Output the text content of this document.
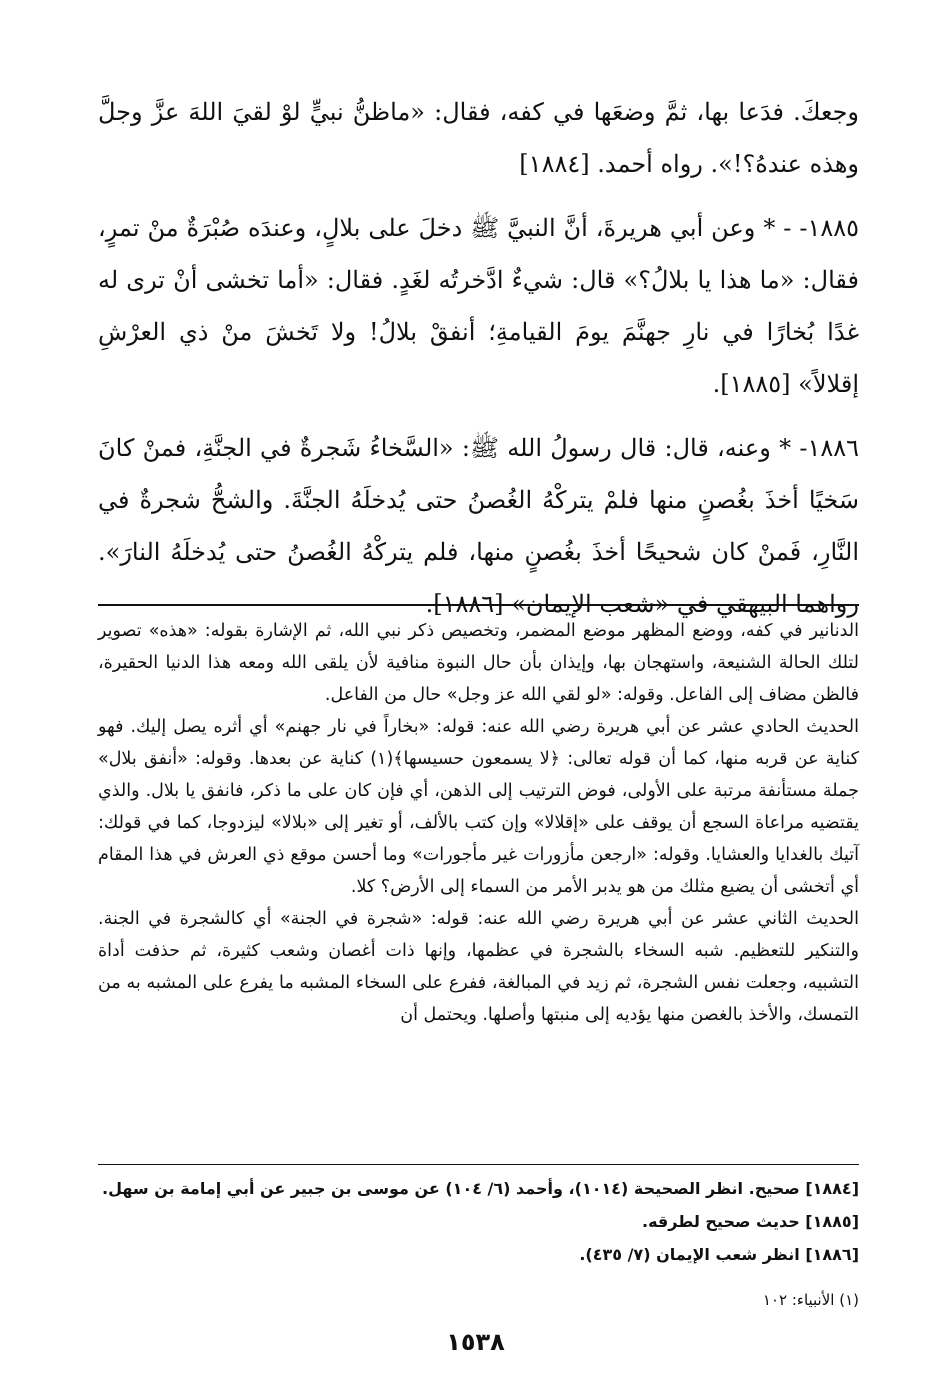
وجعكَ. فدَعا بها، ثمَّ وضعَها في كفه، فقال: «ماظنُّ نبيٍّ لوْ لقيَ اللهَ عزَّ وجلَّ وهذه عندهُ؟!». رواه أحمد. [١٨٨٤]

١٨٨٥- - * وعن أبي هريرةَ، أنَّ النبيَّ ﷺ دخلَ على بلالٍ، وعندَه صُبْرَةٌ منْ تمرٍ، فقال: «ما هذا يا بلالُ؟» قال: شيءٌ ادَّخرتُه لغَدٍ. فقال: «أما تخشى أنْ ترى له غدًا بُخارًا في نارِ جهنَّمَ يومَ القيامةِ؛ أنفقْ بلالُ! ولا تَخشَ منْ ذي العرْشِ إقلالاً» [١٨٨٥].

١٨٨٦- * وعنه، قال: قال رسولُ الله ﷺ: «السَّخاءُ شَجرةٌ في الجنَّةِ، فمنْ كانَ سَخيًا أخذَ بغُصنٍ منها فلمْ يتركْهُ الغُصنُ حتى يُدخلَهُ الجنَّةَ. والشحُّ شجرةٌ في النَّارِ، فَمنْ كان شحيحًا أخذَ بغُصنٍ منها، فلم يتركْهُ الغُصنُ حتى يُدخلَهُ النارَ». رواهما البيهقي في «شعب الإيمان» [١٨٨٦].

الدنانير في كفه، ووضع المظهر موضع المضمر، وتخصيص ذكر نبي الله، ثم الإشارة بقوله: «هذه» تصوير لتلك الحالة الشنيعة، واستهجان بها، وإيذان بأن حال النبوة منافية لأن يلقى الله ومعه هذا الدنيا الحقيرة، فالظن مضاف إلى الفاعل. وقوله: «لو لقي الله عز وجل» حال من الفاعل.

الحديث الحادي عشر عن أبي هريرة رضي الله عنه: قوله: «بخاراً في نار جهنم» أي أثره يصل إليك. فهو كناية عن قربه منها، كما أن قوله تعالى: ﴿لا يسمعون حسيسها﴾(١) كناية عن بعدها. وقوله: «أنفق بلال» جملة مستأنفة مرتبة على الأولى، فوض الترتيب إلى الذهن، أي فإن كان على ما ذكر، فانفق يا بلال. والذي يقتضيه مراعاة السجع أن يوقف على «إقلالا» وإن كتب بالألف، أو تغير إلى «بلالا» ليزدوجا، كما في قولك: آتيك بالغدايا والعشايا. وقوله: «ارجعن مأزورات غير مأجورات» وما أحسن موقع ذي العرش في هذا المقام أي أتخشى أن يضيع مثلك من هو يدبر الأمر من السماء إلى الأرض؟ كلا.

الحديث الثاني عشر عن أبي هريرة رضي الله عنه: قوله: «شجرة في الجنة» أي كالشجرة في الجنة. والتنكير للتعظيم. شبه السخاء بالشجرة في عظمها، وإنها ذات أغصان وشعب كثيرة، ثم حذفت أداة التشبيه، وجعلت نفس الشجرة، ثم زيد في المبالغة، ففرع على السخاء المشبه ما يفرع على المشبه به من التمسك، والأخذ بالغصن منها يؤديه إلى منبتها وأصلها. ويحتمل أن

[١٨٨٤] صحيح. انظر الصحيحة (١٠١٤)، وأحمد (٦/ ١٠٤) عن موسى بن جبير عن أبي إمامة بن سهل.

[١٨٨٥] حديث صحيح لطرقه.

[١٨٨٦] انظر شعب الإيمان (٧/ ٤٣٥).

(١) الأنبياء: ١٠٢
١٥٣٨
